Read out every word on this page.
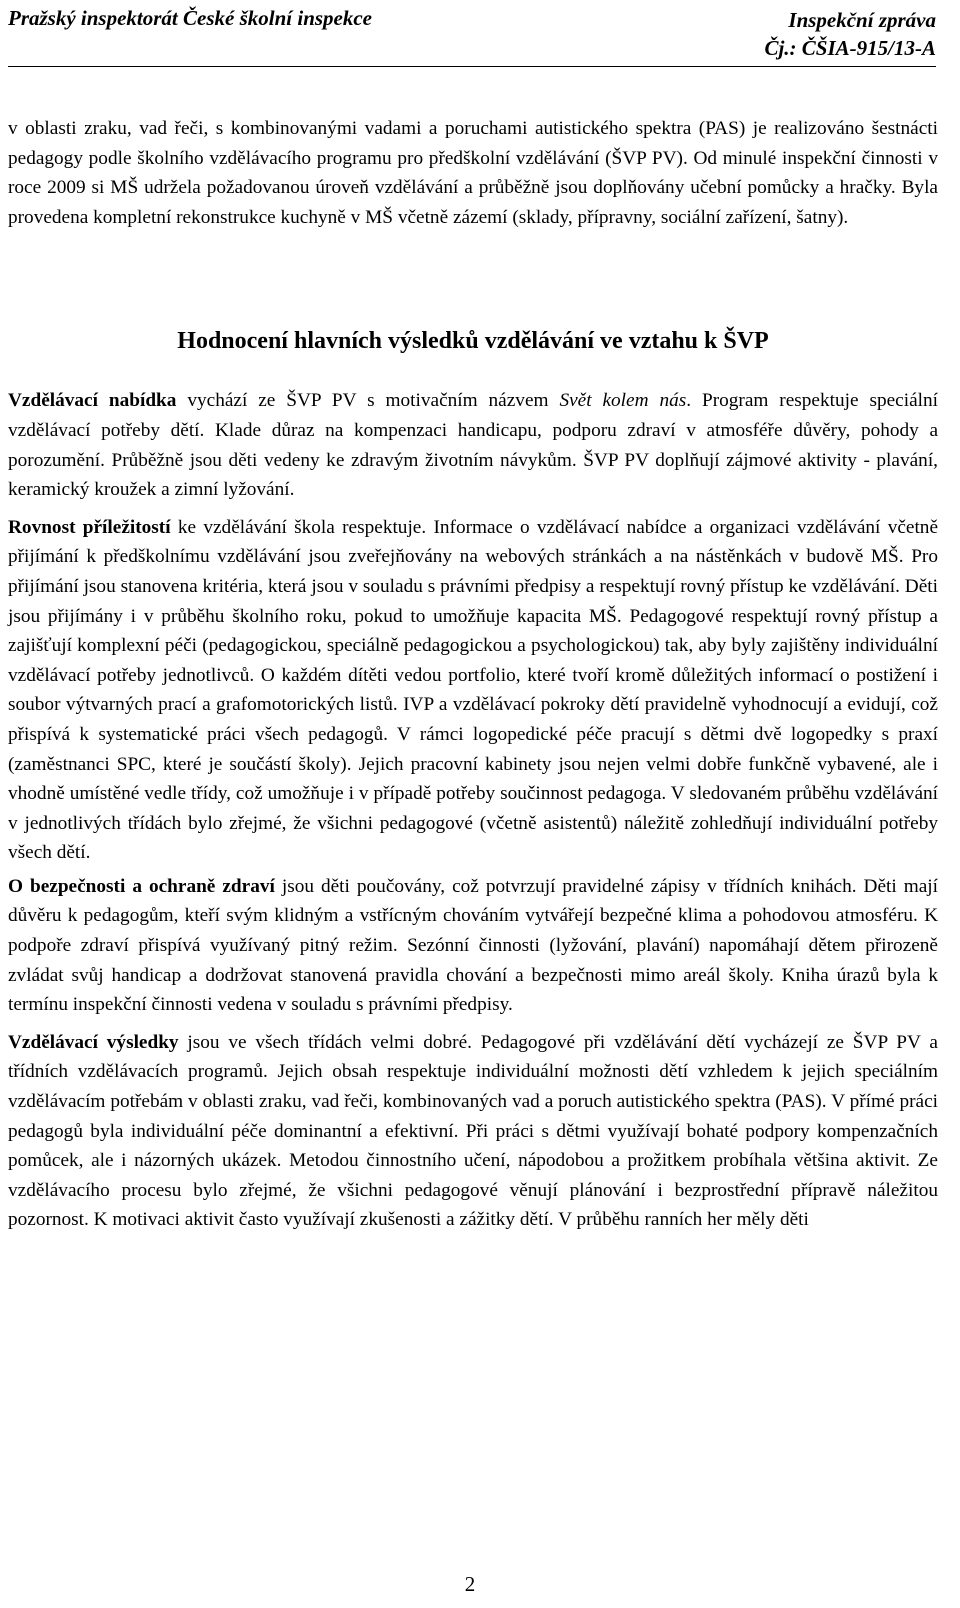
Pražský inspektorát České školní inspekce	Inspekční zpráva
Čj.: ČŠIA-915/13-A

v oblasti zraku, vad řeči, s kombinovanými vadami a poruchami autistického spektra (PAS) je realizováno šestnácti pedagogy podle školního vzdělávacího programu pro předškolní vzdělávání (ŠVP PV). Od minulé inspekční činnosti v roce 2009 si MŠ udržela požadovanou úroveň vzdělávání a průběžně jsou doplňovány učební pomůcky a hračky. Byla provedena kompletní rekonstrukce kuchyně v MŠ včetně zázemí (sklady, přípravny, sociální zařízení, šatny).

Hodnocení hlavních výsledků vzdělávání ve vztahu k ŠVP

Vzdělávací nabídka vychází ze ŠVP PV s motivačním názvem Svět kolem nás. Program respektuje speciální vzdělávací potřeby dětí. Klade důraz na kompenzaci handicapu, podporu zdraví v atmosféře důvěry, pohody a porozumění. Průběžně jsou děti vedeny ke zdravým životním návykům. ŠVP PV doplňují zájmové aktivity - plavání, keramický kroužek a zimní lyžování.

Rovnost příležitostí ke vzdělávání škola respektuje. Informace o vzdělávací nabídce a organizaci vzdělávání včetně přijímání k předškolnímu vzdělávání jsou zveřejňovány na webových stránkách a na nástěnkách v budově MŠ. Pro přijímání jsou stanovena kritéria, která jsou v souladu s právními předpisy a respektují rovný přístup ke vzdělávání. Děti jsou přijímány i v průběhu školního roku, pokud to umožňuje kapacita MŠ. Pedagogové respektují rovný přístup a zajišťují komplexní péči (pedagogickou, speciálně pedagogickou a psychologickou) tak, aby byly zajištěny individuální vzdělávací potřeby jednotlivců. O každém dítěti vedou portfolio, které tvoří kromě důležitých informací o postižení i soubor výtvarných prací a grafomotorických listů. IVP a vzdělávací pokroky dětí pravidelně vyhodnocují a evidují, což přispívá k systematické práci všech pedagogů. V rámci logopedické péče pracují s dětmi dvě logopedky s praxí (zaměstnanci SPC, které je součástí školy). Jejich pracovní kabinety jsou nejen velmi dobře funkčně vybavené, ale i vhodně umístěné vedle třídy, což umožňuje i v případě potřeby součinnost pedagoga. V sledovaném průběhu vzdělávání v jednotlivých třídách bylo zřejmé, že všichni pedagogové (včetně asistentů) náležitě zohledňují individuální potřeby všech dětí.

O bezpečnosti a ochraně zdraví jsou děti poučovány, což potvrzují pravidelné zápisy v třídních knihách. Děti mají důvěru k pedagogům, kteří svým klidným a vstřícným chováním vytvářejí bezpečné klima a pohodovou atmosféru. K podpoře zdraví přispívá využívaný pitný režim. Sezónní činnosti (lyžování, plavání) napomáhají dětem přirozeně zvládat svůj handicap a dodržovat stanovená pravidla chování a bezpečnosti mimo areál školy. Kniha úrazů byla k termínu inspekční činnosti vedena v souladu s právními předpisy.

Vzdělávací výsledky jsou ve všech třídách velmi dobré. Pedagogové při vzdělávání dětí vycházejí ze ŠVP PV a třídních vzdělávacích programů. Jejich obsah respektuje individuální možnosti dětí vzhledem k jejich speciálním vzdělávacím potřebám v oblasti zraku, vad řeči, kombinovaných vad a poruch autistického spektra (PAS). V přímé práci pedagogů byla individuální péče dominantní a efektivní. Při práci s dětmi využívají bohaté podpory kompenzačních pomůcek, ale i názorných ukázek. Metodou činnostního učení, nápodobou a prožitkem probíhala většina aktivit. Ze vzdělávacího procesu bylo zřejmé, že všichni pedagogové věnují plánování i bezprostřední přípravě náležitou pozornost. K motivaci aktivit často využívají zkušenosti a zážitky dětí. V průběhu ranních her měly děti

2
